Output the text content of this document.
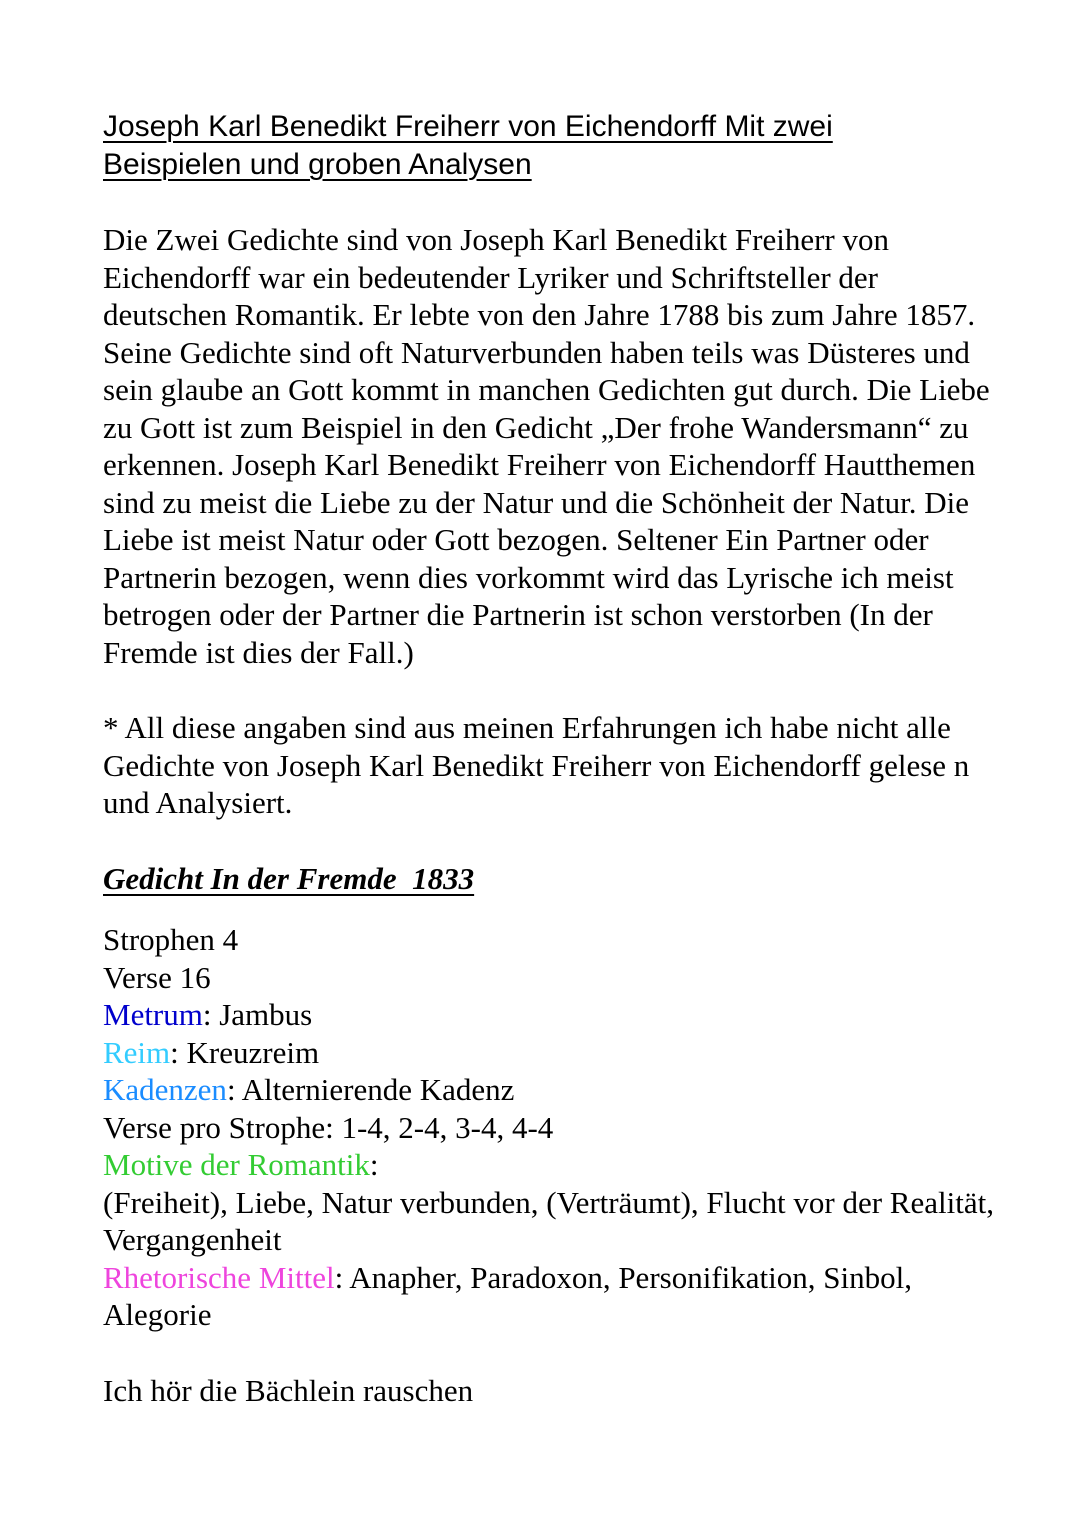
Joseph Karl Benedikt Freiherr von Eichendorff Mit zwei
Beispielen und groben Analysen

Die Zwei Gedichte sind von Joseph Karl Benedikt Freiherr von Eichendorff war ein bedeutender Lyriker und Schriftsteller der deutschen Romantik. Er lebte von den Jahre 1788 bis zum Jahre 1857. Seine Gedichte sind oft Naturverbunden haben teils was Düsteres und sein glaube an Gott kommt in manchen Gedichten gut durch. Die Liebe zu Gott ist zum Beispiel in den Gedicht „Der frohe Wandersmann“ zu erkennen. Joseph Karl Benedikt Freiherr von Eichendorff Hautthemen sind zu meist die Liebe zu der Natur und die Schönheit der Natur. Die Liebe ist meist Natur oder Gott bezogen. Seltener Ein Partner oder Partnerin bezogen, wenn dies vorkommt wird das Lyrische ich meist betrogen oder der Partner die Partnerin ist schon verstorben (In der Fremde ist dies der Fall.)

* All diese angaben sind aus meinen Erfahrungen ich habe nicht alle Gedichte von Joseph Karl Benedikt Freiherr von Eichendorff gelese n und Analysiert.

Gedicht In der Fremde  1833
Strophen 4
Verse 16
Metrum: Jambus
Reim: Kreuzreim
Kadenzen: Alternierende Kadenz
Verse pro Strophe: 1-4, 2-4, 3-4, 4-4
Motive der Romantik:
(Freiheit), Liebe, Natur verbunden, (Verträumt), Flucht vor der Realität, Vergangenheit
Rhetorische Mittel: Anapher, Paradoxon, Personifikation, Sinbol, Alegorie
Ich hör die Bächlein rauschen
